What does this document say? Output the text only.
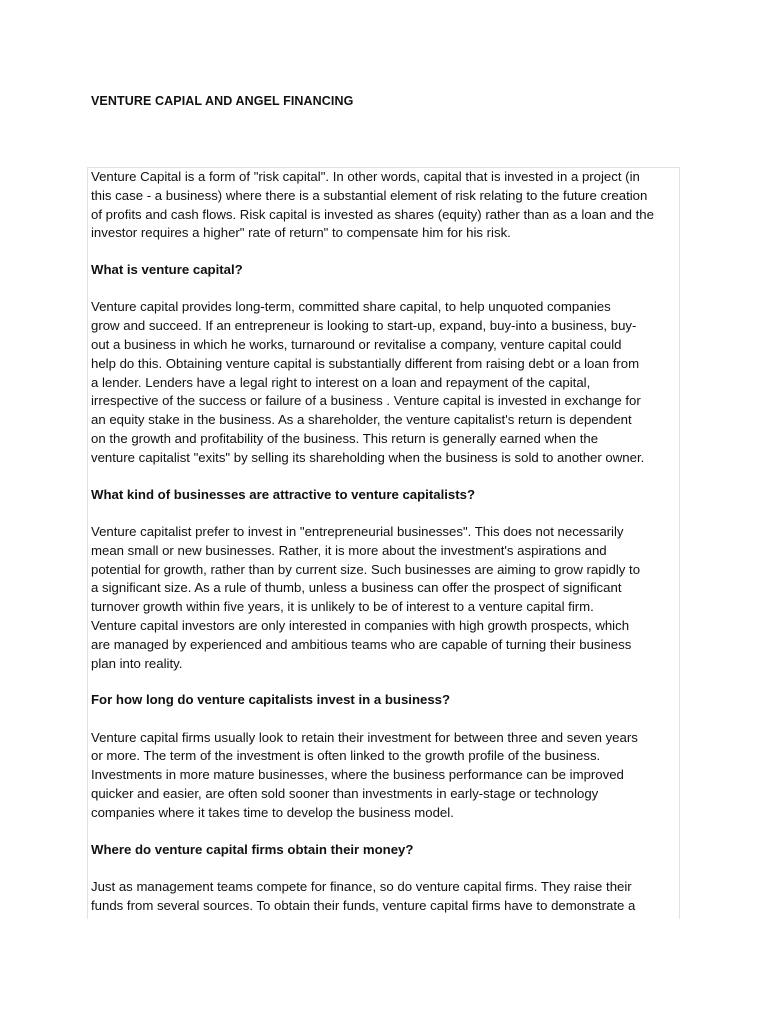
VENTURE CAPIAL AND ANGEL FINANCING

Venture Capital is a form of "risk capital". In other words, capital that is invested in a project (in
this case - a business) where there is a substantial element of risk relating to the future creation
of profits and cash flows. Risk capital is invested as shares (equity) rather than as a loan and the
investor requires a higher" rate of return" to compensate him for his risk.

What is venture capital?

Venture capital provides long-term, committed share capital, to help unquoted companies
grow and succeed. If an entrepreneur is looking to start-up, expand, buy-into a business, buy-
out a business in which he works, turnaround or revitalise a company, venture capital could
help do this. Obtaining venture capital is substantially different from raising debt or a loan from
a lender. Lenders have a legal right to interest on a loan and repayment of the capital,
irrespective of the success or failure of a business . Venture capital is invested in exchange for
an equity stake in the business. As a shareholder, the venture capitalist's return is dependent
on the growth and profitability of the business. This return is generally earned when the
venture capitalist "exits" by selling its shareholding when the business is sold to another owner.

What kind of businesses are attractive to venture capitalists?

Venture capitalist prefer to invest in "entrepreneurial businesses". This does not necessarily
mean small or new businesses. Rather, it is more about the investment's aspirations and
potential for growth, rather than by current size. Such businesses are aiming to grow rapidly to
a significant size. As a rule of thumb, unless a business can offer the prospect of significant
turnover growth within five years, it is unlikely to be of interest to a venture capital firm.
Venture capital investors are only interested in companies with high growth prospects, which
are managed by experienced and ambitious teams who are capable of turning their business
plan into reality.

For how long do venture capitalists invest in a business?

Venture capital firms usually look to retain their investment for between three and seven years
or more. The term of the investment is often linked to the growth profile of the business.
Investments in more mature businesses, where the business performance can be improved
quicker and easier, are often sold sooner than investments in early-stage or technology
companies where it takes time to develop the business model.

Where do venture capital firms obtain their money?

Just as management teams compete for finance, so do venture capital firms. They raise their
funds from several sources. To obtain their funds, venture capital firms have to demonstrate a
